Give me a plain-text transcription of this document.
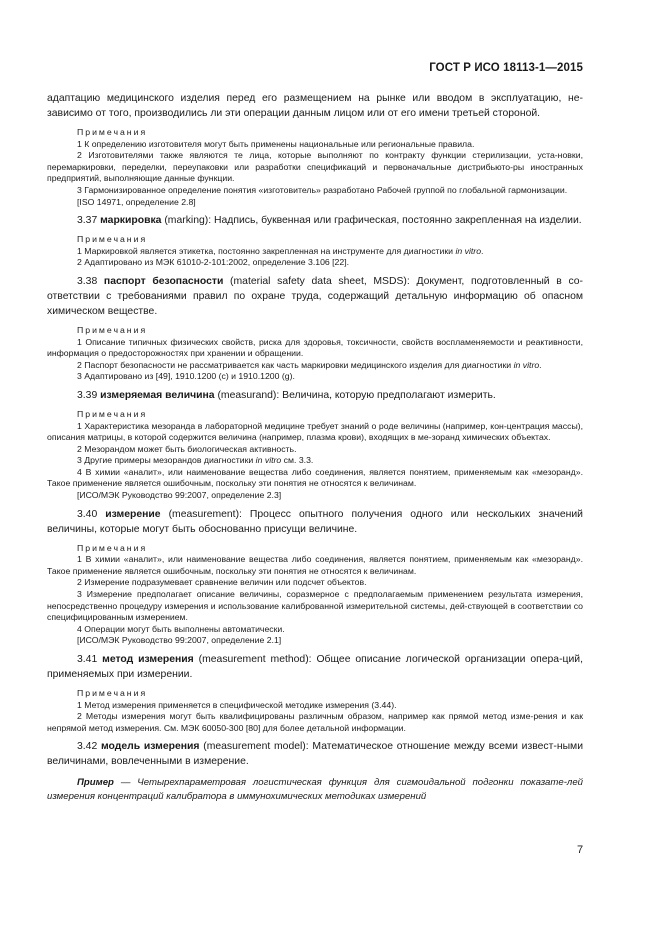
ГОСТ Р ИСО 18113-1—2015

адаптацию медицинского изделия перед его размещением на рынке или вводом в эксплуатацию, не-зависимо от того, производились ли эти операции данным лицом или от его имени третьей стороной.

Примечания

1 К определению изготовителя могут быть применены национальные или региональные правила.

2 Изготовителями также являются те лица, которые выполняют по контракту функции стерилизации, уста-новки, перемаркировки, переделки, переупаковки или разработки спецификаций и первоначальные дистрибьюто-ры иностранных предприятий, выполняющие данные функции.

3 Гармонизированное определение понятия «изготовитель» разработано Рабочей группой по глобальной гармонизации.

[ISO 14971, определение 2.8]

3.37 маркировка (marking): Надпись, буквенная или графическая, постоянно закрепленная на изделии.

Примечания

1 Маркировкой является этикетка, постоянно закрепленная на инструменте для диагностики in vitro.

2 Адаптировано из МЭК 61010-2-101:2002, определение 3.106 [22].

3.38 паспорт безопасности (material safety data sheet, MSDS): Документ, подготовленный в со-ответствии с требованиями правил по охране труда, содержащий детальную информацию об опасном химическом веществе.

Примечания

1 Описание типичных физических свойств, риска для здоровья, токсичности, свойств воспламеняемости и реактивности, информация о предосторожностях при хранении и обращении.

2 Паспорт безопасности не рассматривается как часть маркировки медицинского изделия для диагностики in vitro.

3 Адаптировано из [49], 1910.1200 (c) и 1910.1200 (g).

3.39 измеряемая величина (measurand): Величина, которую предполагают измерить.

Примечания

1 Характеристика мезоранда в лабораторной медицине требует знаний о роде величины (например, кон-центрация массы), описания матрицы, в которой содержится величина (например, плазма крови), входящих в ме-зоранд химических объектах.

2 Мезорандом может быть биологическая активность.

3 Другие примеры мезорандов диагностики in vitro см. 3.3.

4 В химии «аналит», или наименование вещества либо соединения, является понятием, применяемым как «мезоранд». Такое применение является ошибочным, поскольку эти понятия не относятся к величинам.

[ИСО/МЭК Руководство 99:2007, определение 2.3]

3.40 измерение (measurement): Процесс опытного получения одного или нескольких значений величины, которые могут быть обоснованно присущи величине.

Примечания

1 В химии «аналит», или наименование вещества либо соединения, является понятием, применяемым как «мезоранд». Такое применение является ошибочным, поскольку эти понятия не относятся к величинам.

2 Измерение подразумевает сравнение величин или подсчет объектов.

3 Измерение предполагает описание величины, соразмерное с предполагаемым применением результата измерения, непосредственно процедуру измерения и использование калиброванной измерительной системы, дей-ствующей в соответствии со специфицированным измерением.

4 Операции могут быть выполнены автоматически.

[ИСО/МЭК Руководство 99:2007, определение 2.1]

3.41 метод измерения (measurement method): Общее описание логической организации опера-ций, применяемых при измерении.

Примечания

1 Метод измерения применяется в специфической методике измерения (3.44).

2 Методы измерения могут быть квалифицированы различным образом, например как прямой метод изме-рения и как непрямой метод измерения. См. МЭК 60050-300 [80] для более детальной информации.

3.42 модель измерения (measurement model): Математическое отношение между всеми извест-ными величинами, вовлеченными в измерение.

Пример — Четырехпараметровая логистическая функция для сигмоидальной подгонки показате-лей измерения концентраций калибратора в иммунохимических методиках измерений

7
